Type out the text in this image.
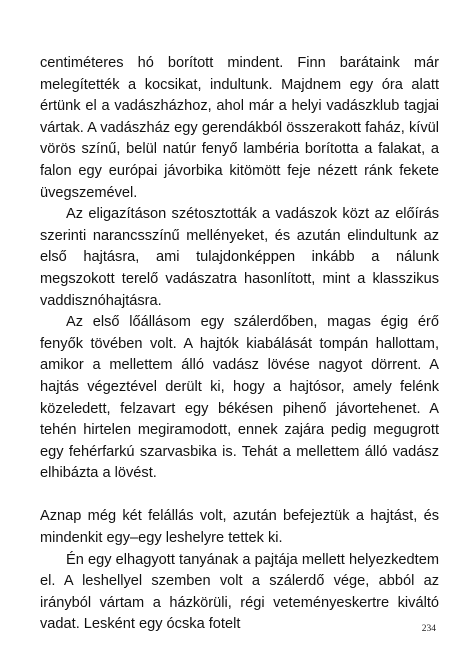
centiméteres hó borított mindent. Finn barátaink már melegítették a kocsikat, indultunk. Majdnem egy óra alatt értünk el a vadászházhoz, ahol már a helyi vadászklub tagjai vártak. A vadászház egy gerendákból összerakott faház, kívül vörös színű, belül natúr fenyő lambéria borította a falakat, a falon egy európai jávorbika kitömött feje nézett ránk fekete üvegszemével.

Az eligazításon szétosztották a vadászok közt az előírás szerinti narancsszínű mellényeket, és azután elindultunk az első hajtásra, ami tulajdonképpen inkább a nálunk megszokott terelő vadászatra hasonlított, mint a klasszikus vaddisznóhajtásra.

Az első lőállásom egy szálerdőben, magas égig érő fenyők tövében volt. A hajtók kiabálását tompán hallottam, amikor a mellettem álló vadász lövése nagyot dörrent. A hajtás végeztével derült ki, hogy a hajtósor, amely felénk közeledett, felzavart egy békésen pihenő jávortehenet. A tehén hirtelen megiramodott, ennek zajára pedig megugrott egy fehérfarkú szarvasbika is. Tehát a mellettem álló vadász elhibázta a lövést.

Aznap még két felállás volt, azután befejeztük a hajtást, és mindenkit egy–egy leshelyre tettek ki.

Én egy elhagyott tanyának a pajtája mellett helyezkedtem el. A leshellyel szemben volt a szálerdő vége, abból az irányból vártam a házkörüli, régi veteményeskertre kiváltó vadat. Lesként egy ócska fotelt	234
